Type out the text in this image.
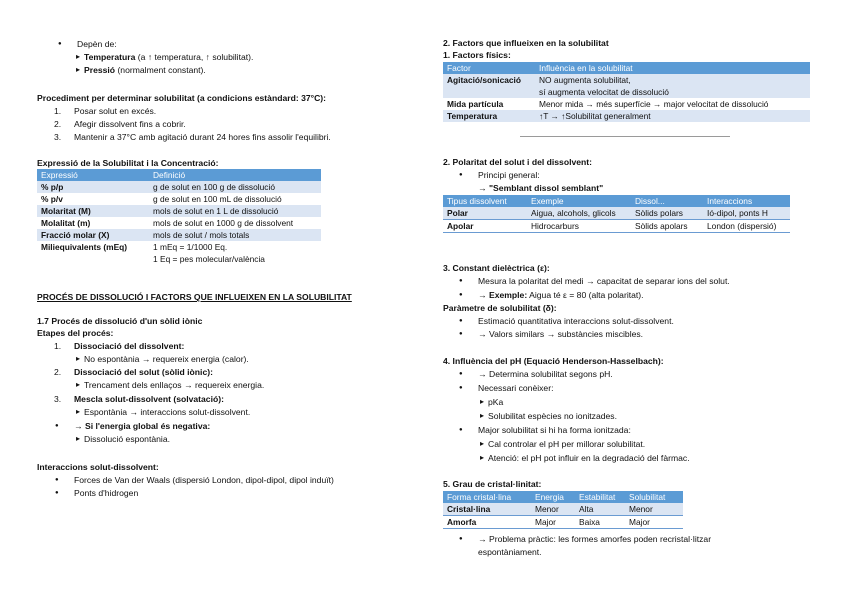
● Depèn de:
▸ Temperatura (a ↑ temperatura, ↑ solubilitat).
▸ Pressió (normalment constant).
Procediment per determinar solubilitat (a condicions estàndard: 37°C):
1. Posar solut en excés.
2. Afegir dissolvent fins a cobrir.
3. Mantenir a 37°C amb agitació durant 24 hores fins assolir l'equilibri.
Expressió de la Solubilitat i la Concentració:
Expressió	Definició
% p/p	g de solut en 100 g de dissolució
% p/v	g de solut en 100 mL de dissolució
Molaritat (M)	mols de solut en 1 L de dissolució
Molalitat (m)	mols de solut en 1000 g de dissolvent
Fracció molar (X)	mols de solut / mols totals
Miliequivalents (mEq)	1 mEq = 1/1000 Eq.
	1 Eq = pes molecular/valència
PROCÉS DE DISSOLUCIÓ I FACTORS QUE INFLUEIXEN EN LA SOLUBILITAT
1.7 Procés de dissolució d'un sòlid iònic
Etapes del procés:
1. Dissociació del dissolvent:
▸ No espontània → requereix energia (calor).
2. Dissociació del solut (sòlid iònic):
▸ Trencament dels enllaços → requereix energia.
3. Mescla solut-dissolvent (solvatació):
▸ Espontània → interaccions solut-dissolvent.
● → Si l'energia global és negativa:
▸ Dissolució espontània.
Interaccions solut-dissolvent:
● Forces de Van der Waals (dispersió London, dipol-dipol, dipol induït)
● Ponts d'hidrogen
2. Factors que influeixen en la solubilitat
1. Factors físics:
Factor	Influència en la solubilitat
Agitació/sonicació	NO augmenta solubilitat,
	sí augmenta velocitat de dissolució
Mida partícula	Menor mida → més superfície → major velocitat de dissolució
Temperatura	↑T → ↑Solubilitat generalment
2. Polaritat del solut i del dissolvent:
● Principi general:
→ "Semblant dissol semblant"
Tipus dissolvent	Exemple	Dissol...	Interaccions
Polar	Aigua, alcohols, glicols	Sòlids polars	Ió-dipol, ponts H
Apolar	Hidrocarburs	Sòlids apolars	London (dispersió)
3. Constant dielèctrica (ε):
● Mesura la polaritat del medi → capacitat de separar ions del solut.
● → Exemple: Aigua té ε = 80 (alta polaritat).
Paràmetre de solubilitat (δ):
● Estimació quantitativa interaccions solut-dissolvent.
● → Valors similars → substàncies miscibles.
4. Influència del pH (Equació Henderson-Hasselbach):
● → Determina solubilitat segons pH.
● Necessari conèixer:
▸ pKa
▸ Solubilitat espècies no ionitzades.
● Major solubilitat si hi ha forma ionitzada:
▸ Cal controlar el pH per millorar solubilitat.
▸ Atenció: el pH pot influir en la degradació del fàrmac.
5. Grau de cristal·linitat:
Forma cristal·lina	Energia	Estabilitat	Solubilitat
Cristal·lina	Menor	Alta	Menor
Amorfa	Major	Baixa	Major
● → Problema pràctic: les formes amorfes poden recristal·litzar
espontàniament.
